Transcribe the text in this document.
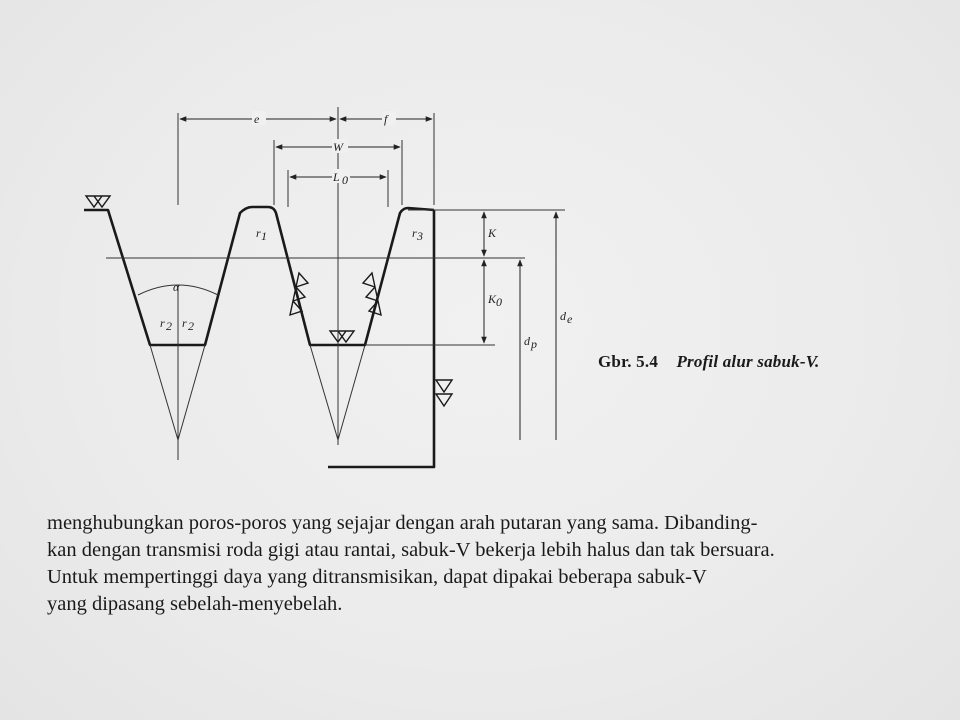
e	f
W
L 0
K
K 0
d p
d e
α
r 1
r 2 r 2
r 3
Gbr. 5.4 Profil alur sabuk-V.
menghubungkan poros-poros yang sejajar dengan arah putaran yang sama. Dibanding-
kan dengan transmisi roda gigi atau rantai, sabuk-V bekerja lebih halus dan tak bersuara.
Untuk mempertinggi daya yang ditransmisikan, dapat dipakai beberapa sabuk-V
yang dipasang sebelah-menyebelah.
